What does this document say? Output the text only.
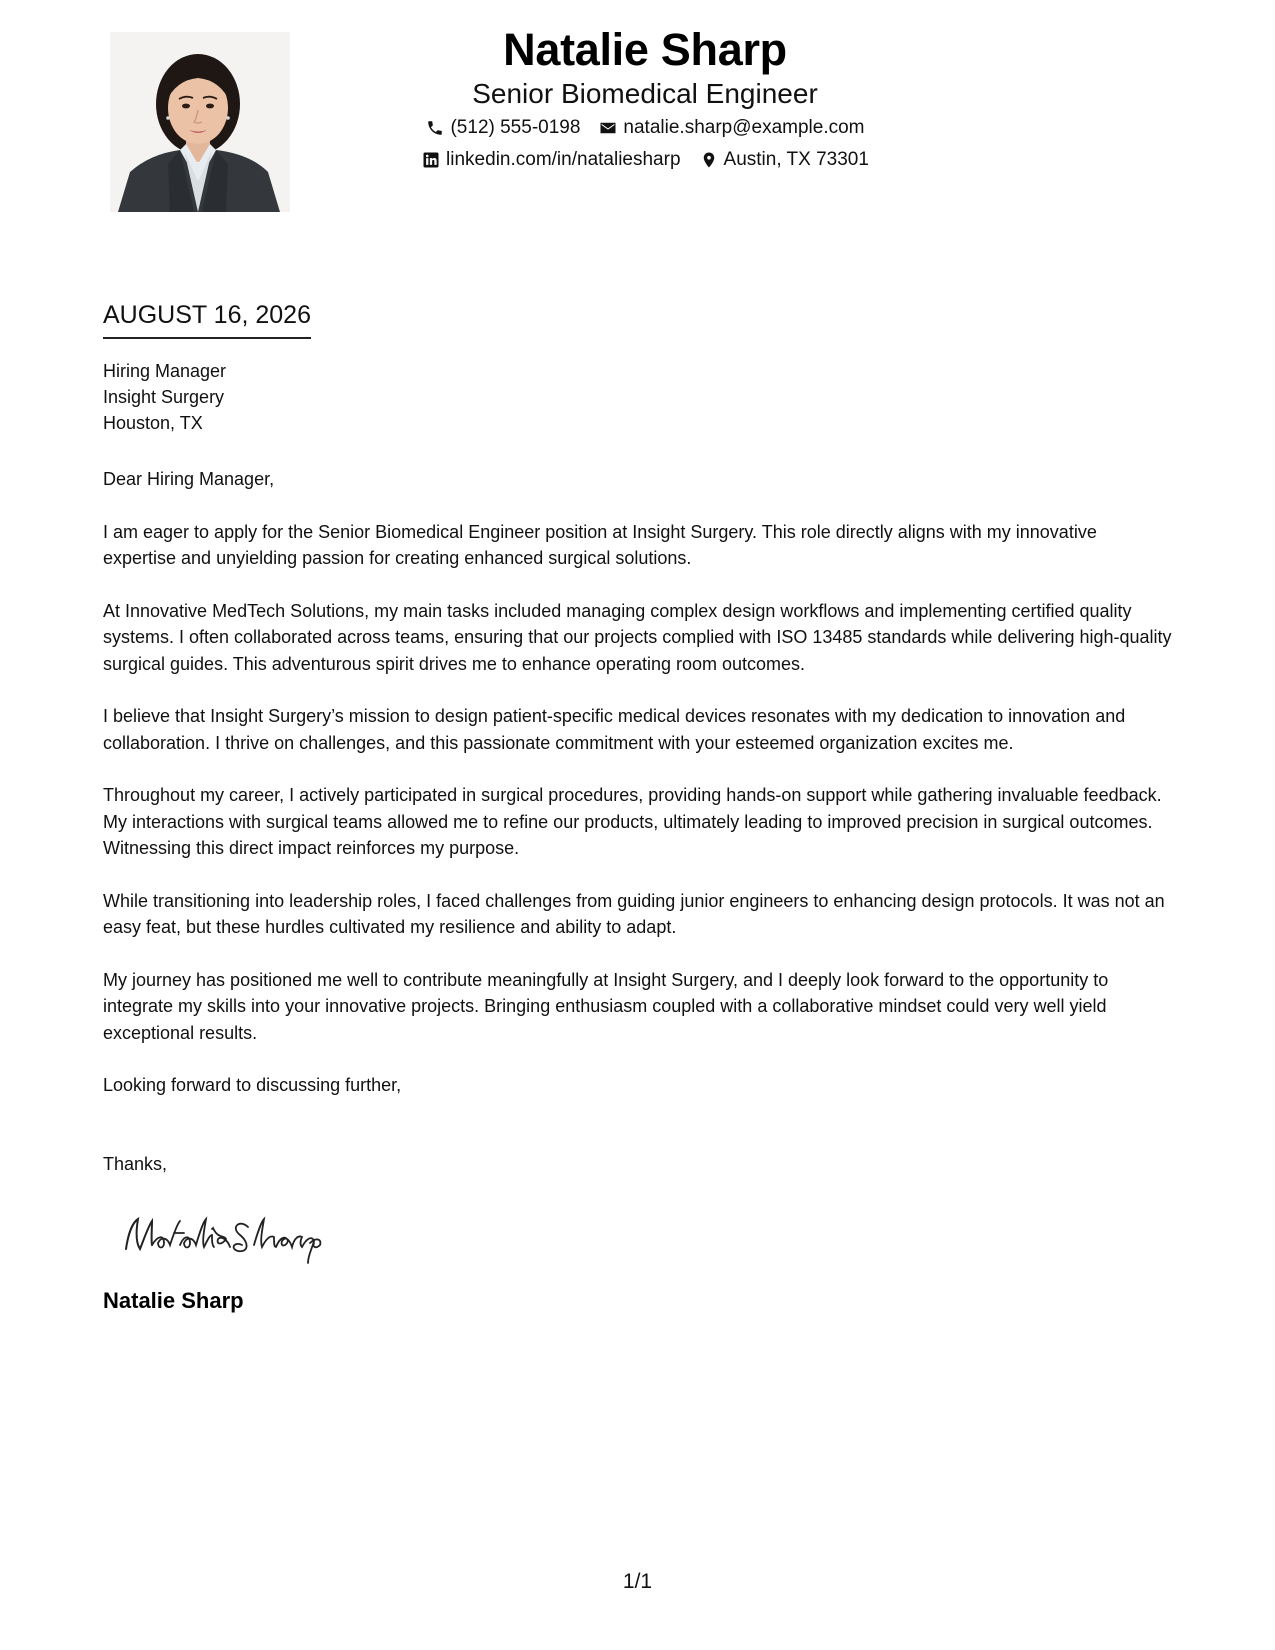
Natalie Sharp
Senior Biomedical Engineer
(512) 555-0198 natalie.sharp@example.com
linkedin.com/in/nataliesharp Austin, TX 73301
AUGUST 16, 2026
Hiring Manager
Insight Surgery
Houston, TX

Dear Hiring Manager,

I am eager to apply for the Senior Biomedical Engineer position at Insight Surgery. This role directly aligns with my innovative expertise and unyielding passion for creating enhanced surgical solutions.

At Innovative MedTech Solutions, my main tasks included managing complex design workflows and implementing certified quality systems. I often collaborated across teams, ensuring that our projects complied with ISO 13485 standards while delivering high-quality surgical guides. This adventurous spirit drives me to enhance operating room outcomes.

I believe that Insight Surgery’s mission to design patient-specific medical devices resonates with my dedication to innovation and collaboration. I thrive on challenges, and this passionate commitment with your esteemed organization excites me.

Throughout my career, I actively participated in surgical procedures, providing hands-on support while gathering invaluable feedback. My interactions with surgical teams allowed me to refine our products, ultimately leading to improved precision in surgical outcomes. Witnessing this direct impact reinforces my purpose.

While transitioning into leadership roles, I faced challenges from guiding junior engineers to enhancing design protocols. It was not an easy feat, but these hurdles cultivated my resilience and ability to adapt.

My journey has positioned me well to contribute meaningfully at Insight Surgery, and I deeply look forward to the opportunity to integrate my skills into your innovative projects. Bringing enthusiasm coupled with a collaborative mindset could very well yield exceptional results.

Looking forward to discussing further,

Thanks,

Natalie Sharp
1/1
